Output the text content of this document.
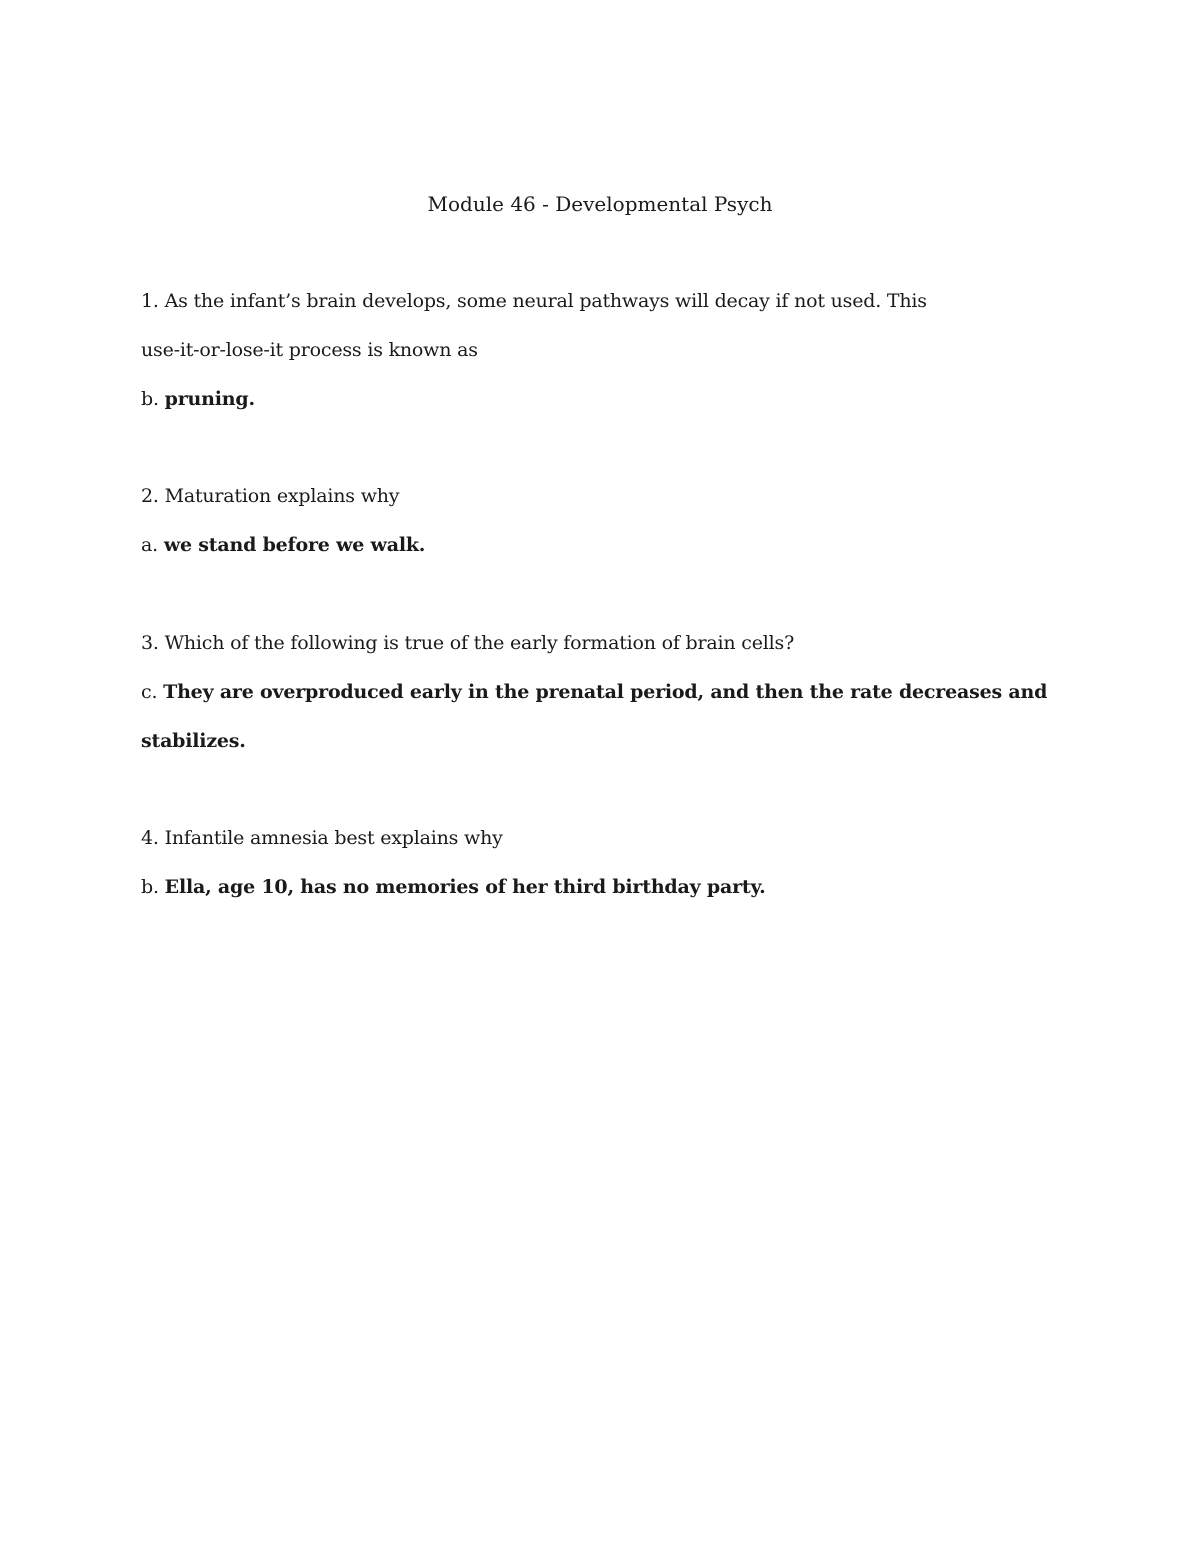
Module 46 - Developmental Psych
1. As the infant’s brain develops, some neural pathways will decay if not used. This
use-it-or-lose-it process is known as
b. pruning.
2. Maturation explains why
a. we stand before we walk.
3. Which of the following is true of the early formation of brain cells?
c. They are overproduced early in the prenatal period, and then the rate decreases and
stabilizes.
4. Infantile amnesia best explains why
b. Ella, age 10, has no memories of her third birthday party.
